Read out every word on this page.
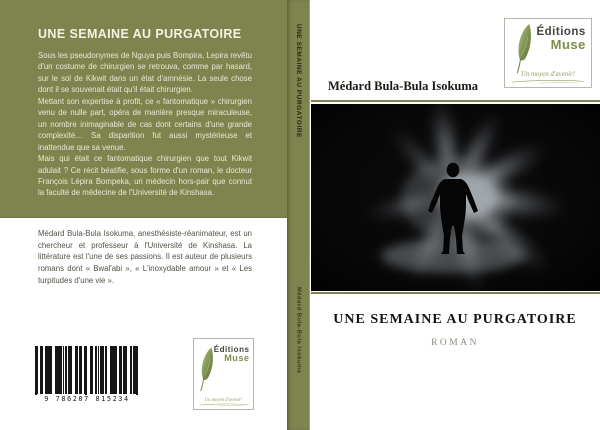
UNE SEMAINE AU PURGATOIRE

Sous les pseudonymes de Nguya puis Bompira, Lepira revêtu d'un costume de chirurgien se retrouva, comme par hasard, sur le sol de Kikwit dans un état d'amnésie. La seule chose dont il se souvenait était qu'il était chirurgien.

Mettant son expertise à profit, ce « fantomatique » chirurgien venu de nulle part, opéra de manière presque miraculeuse, un nombre inimaginable de cas dont certains d'une grande complexité… Sa disparition fut aussi mystérieuse et inattendue que sa venue.

Mais qui était ce fantomatique chirurgien que tout Kikwit adulait ? Ce récit béatifie, sous forme d'un roman, le docteur François Lépira Bompeka, un médecin hors-pair que connut la faculté de médecine de l'Université de Kinshasa.

Médard Bula-Bula Isokuma, anesthésiste-réanimateur, est un chercheur et professeur à l'Université de Kinshasa. La littérature est l'une de ses passions. Il est auteur de plusieurs romans dont « Bwal'abi », « L'inoxydable amour » et « Les turpitudes d'une vie ».
9 786207 815234
Éditions
Muse
Un moyen d'avenir!
UNE SEMAINE AU PURGATOIRE
Médard Bula-Bula Isokuma
Médard Bula-Bula Isokuma
UNE SEMAINE AU PURGATOIRE
ROMAN
Éditions
Muse
Un moyen d'avenir!
